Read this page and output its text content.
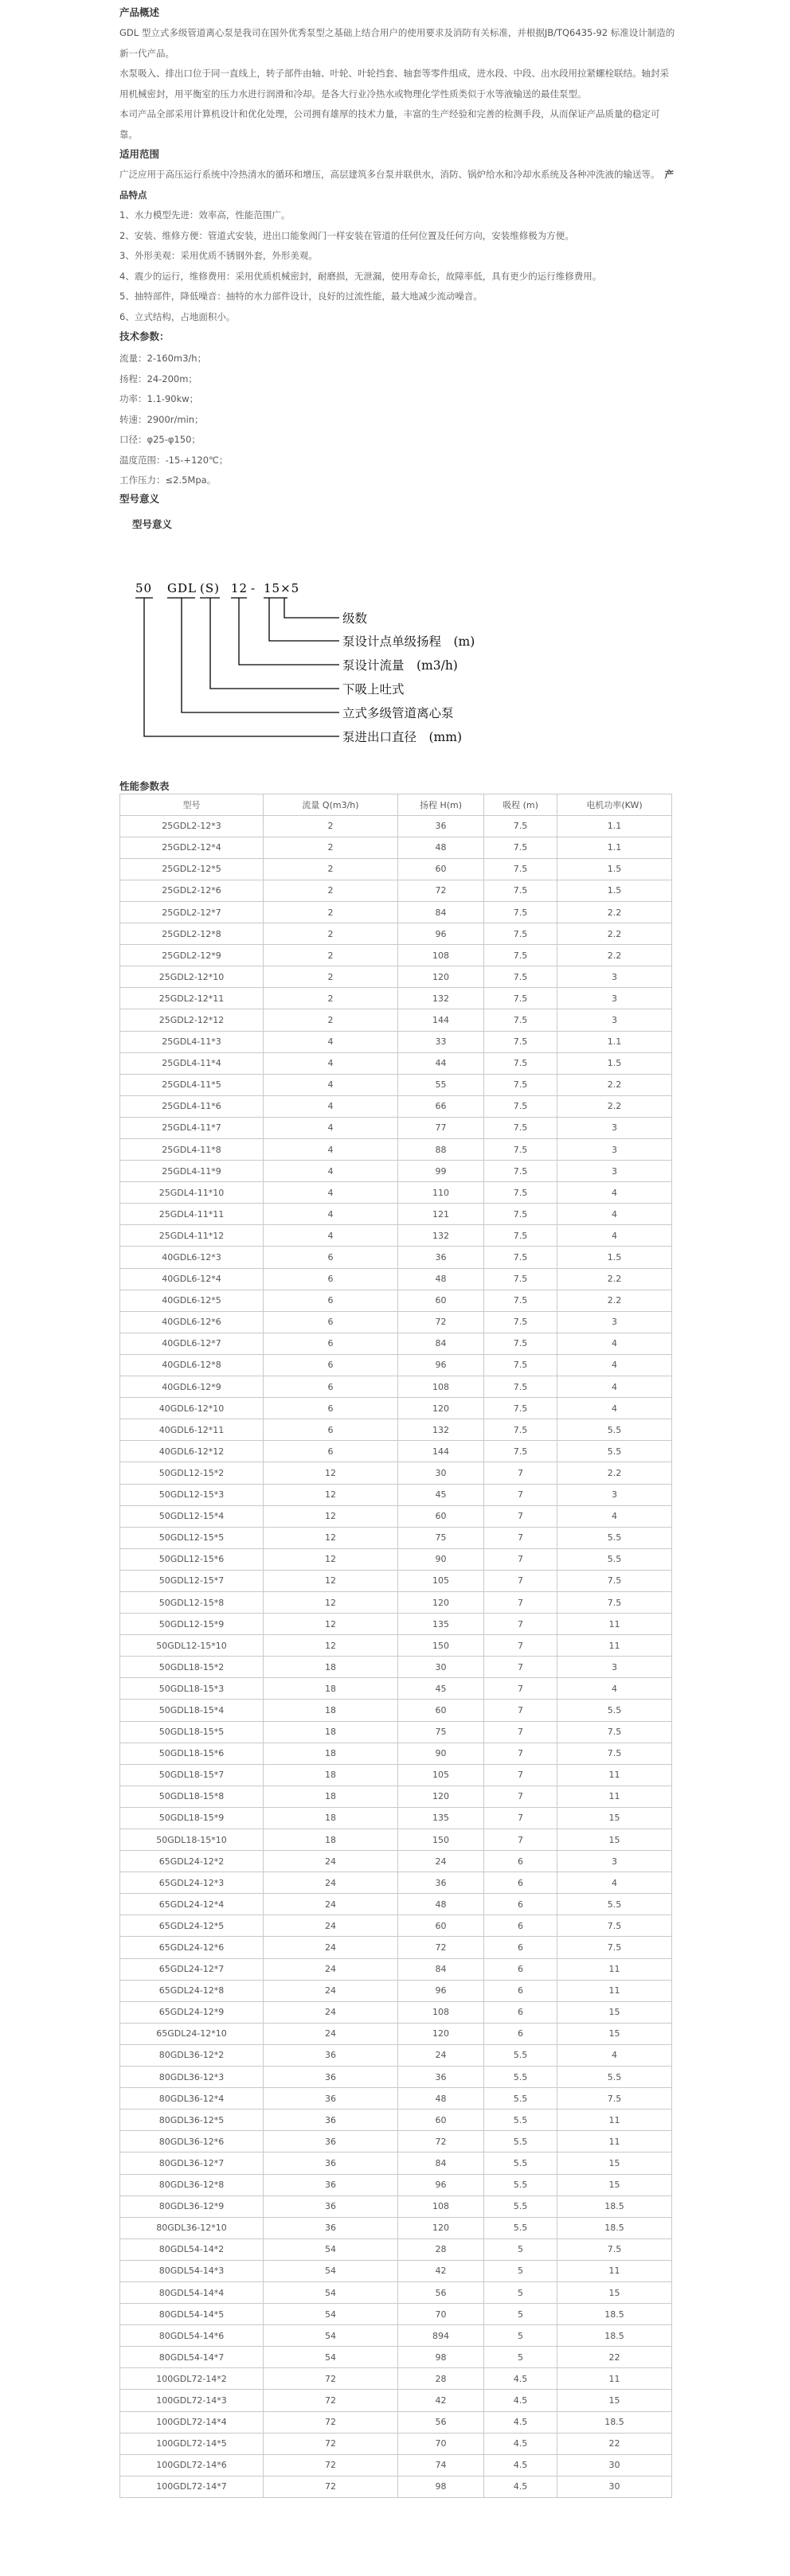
产品概述

GDL 型立式多级管道离心泵是我司在国外优秀泵型之基础上结合用户的使用要求及消防有关标准，并根据JB/TQ6435-92 标准设计制造的新一代产品。

水泵吸入、排出口位于同一直线上，转子部件由轴、叶轮、叶轮挡套、轴套等零件组成，进水段、中段、出水段用拉紧螺栓联结。轴封采用机械密封，用平衡室的压力水进行润滑和冷却。是各大行业冷热水或物理化学性质类似于水等液输送的最佳泵型。

本司产品全部采用计算机设计和优化处理，公司拥有雄厚的技术力量，丰富的生产经验和完善的检测手段，从而保证产品质量的稳定可靠。

适用范围

广泛应用于高压运行系统中冷热清水的循环和增压，高层建筑多台泵并联供水，消防、锅炉给水和冷却水系统及各种冲洗液的输送等。 产品特点

1、水力模型先进：效率高，性能范围广。

2、安装、维修方便：管道式安装，进出口能象阀门一样安装在管道的任何位置及任何方向，安装维修极为方便。

3、外形美观：采用优质不锈钢外套，外形美观。

4、震少的运行，维修费用：采用优质机械密封，耐磨损，无泄漏，使用寿命长，故障率低，具有更少的运行维修费用。

5、抽特部件，降低噪音：抽特的水力部件设计，良好的过流性能，最大地减少流动噪音。

6、立式结构，占地面积小。

技术参数：

流量：2-160m3/h；

扬程：24-200m；

功率：1.1-90kw；

转速：2900r/min；

口径：φ25-φ150；

温度范围：-15-+120℃；

工作压力：≤2.5Mpa。

型号意义
型号意义
50 GDL (S) 12 - 15×5
级数
泵设计点单级扬程　(m)
泵设计流量　(m3/h)
下吸上吐式
立式多级管道离心泵
泵进出口直径　(mm)
性能参数表
型号	流量 Q(m3/h)	扬程 H(m)	吸程 (m)	电机功率(KW)
25GDL2-12*3	2	36	7.5	1.1
25GDL2-12*4	2	48	7.5	1.1
25GDL2-12*5	2	60	7.5	1.5
25GDL2-12*6	2	72	7.5	1.5
25GDL2-12*7	2	84	7.5	2.2
25GDL2-12*8	2	96	7.5	2.2
25GDL2-12*9	2	108	7.5	2.2
25GDL2-12*10	2	120	7.5	3
25GDL2-12*11	2	132	7.5	3
25GDL2-12*12	2	144	7.5	3
25GDL4-11*3	4	33	7.5	1.1
25GDL4-11*4	4	44	7.5	1.5
25GDL4-11*5	4	55	7.5	2.2
25GDL4-11*6	4	66	7.5	2.2
25GDL4-11*7	4	77	7.5	3
25GDL4-11*8	4	88	7.5	3
25GDL4-11*9	4	99	7.5	3
25GDL4-11*10	4	110	7.5	4
25GDL4-11*11	4	121	7.5	4
25GDL4-11*12	4	132	7.5	4
40GDL6-12*3	6	36	7.5	1.5
40GDL6-12*4	6	48	7.5	2.2
40GDL6-12*5	6	60	7.5	2.2
40GDL6-12*6	6	72	7.5	3
40GDL6-12*7	6	84	7.5	4
40GDL6-12*8	6	96	7.5	4
40GDL6-12*9	6	108	7.5	4
40GDL6-12*10	6	120	7.5	4
40GDL6-12*11	6	132	7.5	5.5
40GDL6-12*12	6	144	7.5	5.5
50GDL12-15*2	12	30	7	2.2
50GDL12-15*3	12	45	7	3
50GDL12-15*4	12	60	7	4
50GDL12-15*5	12	75	7	5.5
50GDL12-15*6	12	90	7	5.5
50GDL12-15*7	12	105	7	7.5
50GDL12-15*8	12	120	7	7.5
50GDL12-15*9	12	135	7	11
50GDL12-15*10	12	150	7	11
50GDL18-15*2	18	30	7	3
50GDL18-15*3	18	45	7	4
50GDL18-15*4	18	60	7	5.5
50GDL18-15*5	18	75	7	7.5
50GDL18-15*6	18	90	7	7.5
50GDL18-15*7	18	105	7	11
50GDL18-15*8	18	120	7	11
50GDL18-15*9	18	135	7	15
50GDL18-15*10	18	150	7	15
65GDL24-12*2	24	24	6	3
65GDL24-12*3	24	36	6	4
65GDL24-12*4	24	48	6	5.5
65GDL24-12*5	24	60	6	7.5
65GDL24-12*6	24	72	6	7.5
65GDL24-12*7	24	84	6	11
65GDL24-12*8	24	96	6	11
65GDL24-12*9	24	108	6	15
65GDL24-12*10	24	120	6	15
80GDL36-12*2	36	24	5.5	4
80GDL36-12*3	36	36	5.5	5.5
80GDL36-12*4	36	48	5.5	7.5
80GDL36-12*5	36	60	5.5	11
80GDL36-12*6	36	72	5.5	11
80GDL36-12*7	36	84	5.5	15
80GDL36-12*8	36	96	5.5	15
80GDL36-12*9	36	108	5.5	18.5
80GDL36-12*10	36	120	5.5	18.5
80GDL54-14*2	54	28	5	7.5
80GDL54-14*3	54	42	5	11
80GDL54-14*4	54	56	5	15
80GDL54-14*5	54	70	5	18.5
80GDL54-14*6	54	894	5	18.5
80GDL54-14*7	54	98	5	22
100GDL72-14*2	72	28	4.5	11
100GDL72-14*3	72	42	4.5	15
100GDL72-14*4	72	56	4.5	18.5
100GDL72-14*5	72	70	4.5	22
100GDL72-14*6	72	74	4.5	30
100GDL72-14*7	72	98	4.5	30
